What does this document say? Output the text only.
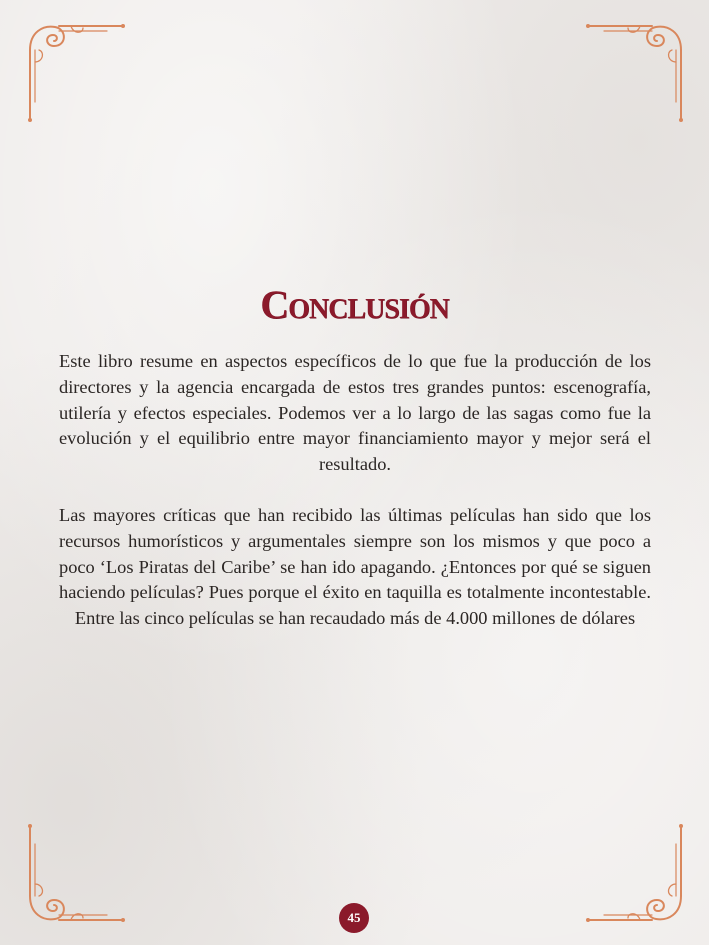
Conclusión

Este libro resume en aspectos específicos de lo que fue la producción de los directores y la agencia encargada de estos tres grandes puntos: escenografía, utilería y efectos especiales. Podemos ver a lo largo de las sagas como fue la evolución y el equilibrio entre mayor financiamiento mayor y mejor será el resultado.

Las mayores críticas que han recibido las últimas películas han sido que los recursos humorísticos y argumentales siempre son los mismos y que poco a poco ‘Los Piratas del Caribe’ se han ido apagando. ¿Entonces por qué se siguen haciendo películas? Pues porque el éxito en taquilla es totalmente incontestable. Entre las cinco películas se han recaudado más de 4.000 millones de dólares

45
